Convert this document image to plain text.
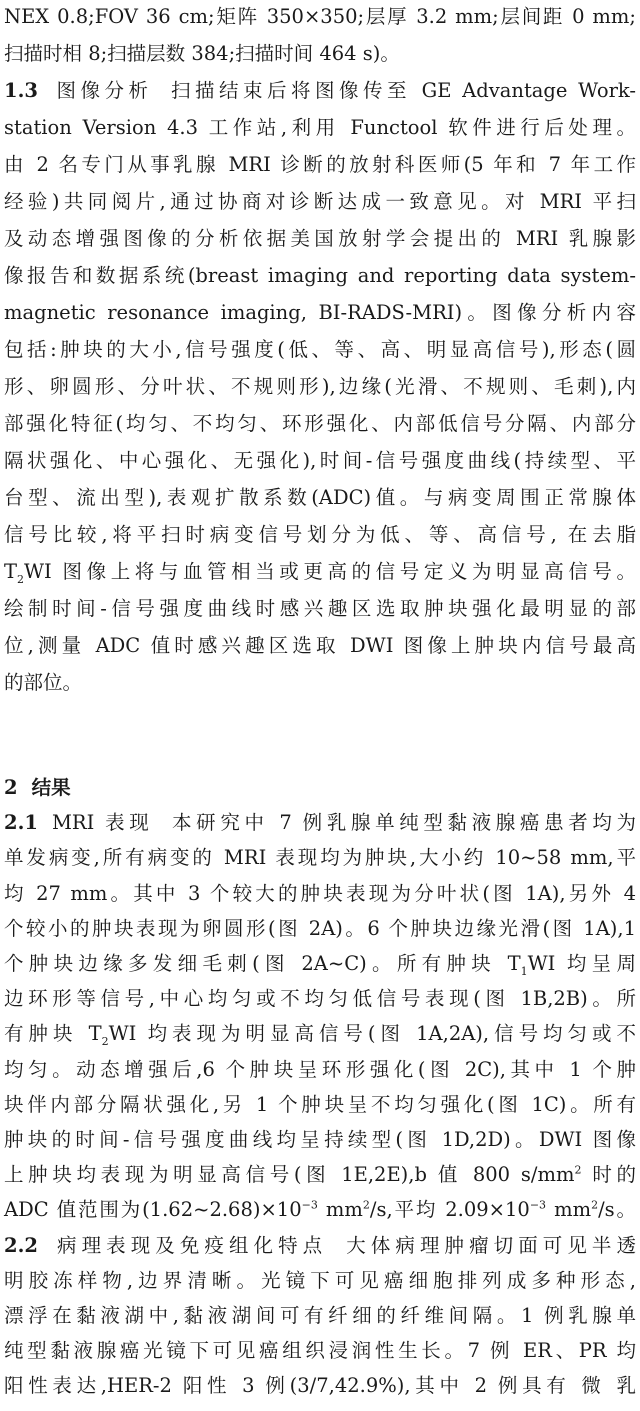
NEX 0.8;FOV 36 cm;矩阵 350×350;层厚 3.2 mm;层间距 0 mm;
扫描时相 8;扫描层数 384;扫描时间 464 s)。
1.3 图像分析 扫描结束后将图像传至 GE Advantage Work-
station Version 4.3 工作站,利用 Functool 软件进行后处理。
由 2 名专门从事乳腺 MRI 诊断的放射科医师(5 年和 7 年工作
经验)共同阅片,通过协商对诊断达成一致意见。对 MRI 平扫
及动态增强图像的分析依据美国放射学会提出的 MRI 乳腺影
像报告和数据系统(breast imaging and reporting data system-
magnetic resonance imaging, BI-RADS-MRI)。图像分析内容
包括:肿块的大小,信号强度(低、等、高、明显高信号),形态(圆
形、卵圆形、分叶状、不规则形),边缘(光滑、不规则、毛刺),内
部强化特征(均匀、不均匀、环形强化、内部低信号分隔、内部分
隔状强化、中心强化、无强化),时间-信号强度曲线(持续型、平
台型、流出型),表观扩散系数(ADC)值。与病变周围正常腺体
信号比较,将平扫时病变信号划分为低、等、高信号, 在去脂
$T_2WI$ 图像上将与血管相当或更高的信号定义为明显高信号。
绘制时间-信号强度曲线时感兴趣区选取肿块强化最明显的部
位,测量 ADC 值时感兴趣区选取 DWI 图像上肿块内信号最高
的部位。
2 结果
2.1 MRI 表现 本研究中 7 例乳腺单纯型黏液腺癌患者均为
单发病变,所有病变的 MRI 表现均为肿块,大小约 10~58 mm,平
均 27 mm。其中 3 个较大的肿块表现为分叶状(图 1A),另外 4
个较小的肿块表现为卵圆形(图 2A)。6 个肿块边缘光滑(图 1A),1
个肿块边缘多发细毛刺(图 2A~C)。所有肿块 $T_1WI$ 均呈周
边环形等信号,中心均匀或不均匀低信号表现(图 1B,2B)。所
有肿块 $T_2WI$ 均表现为明显高信号(图 1A,2A),信号均匀或不
均匀。动态增强后,6 个肿块呈环形强化(图 2C),其中 1 个肿
块伴内部分隔状强化,另 1 个肿块呈不均匀强化(图 1C)。所有
肿块的时间-信号强度曲线均呈持续型(图 1D,2D)。DWI 图像
上肿块均表现为明显高信号(图 1E,2E),b 值 800 $s/mm^2$ 时的
ADC 值范围为$(1.62\sim 2.68)\times 10^{-3}$ $mm^2/s$,平均 $2.09\times 10^{-3}$ $mm^2/s$。
2.2 病理表现及免疫组化特点 大体病理肿瘤切面可见半透
明胶冻样物,边界清晰。光镜下可见癌细胞排列成多种形态,
漂浮在黏液湖中,黏液湖间可有纤细的纤维间隔。1 例乳腺单
纯型黏液腺癌光镜下可见癌组织浸润性生长。7 例 ER、PR 均
阳性表达,HER-2 阳性 3 例(3/7,42.9%),其中 2 例具有 微 乳
